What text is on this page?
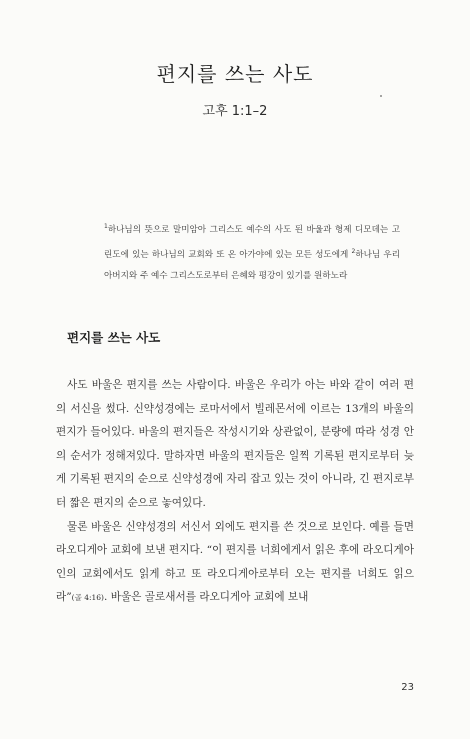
편지를 쓰는 사도
고후 1:1–2
$^1$하나님의 뜻으로 말미암아 그리스도 예수의 사도 된 바울과 형제 디모데는 고린도에 있는 하나님의 교회와 또 온 아가야에 있는 모든 성도에게 $^2$하나님 우리 아버지와 주 예수 그리스도로부터 은혜와 평강이 있기를 원하노라
편지를 쓰는 사도

사도 바울은 편지를 쓰는 사람이다. 바울은 우리가 아는 바와 같이 여러 편의 서신을 썼다. 신약성경에는 로마서에서 빌레몬서에 이르는 13개의 바울의 편지가 들어있다. 바울의 편지들은 작성시기와 상관없이, 분량에 따라 성경 안의 순서가 정해져있다. 말하자면 바울의 편지들은 일찍 기록된 편지로부터 늦게 기록된 편지의 순으로 신약성경에 자리 잡고 있는 것이 아니라, 긴 편지로부터 짧은 편지의 순으로 놓여있다.

물론 바울은 신약성경의 서신서 외에도 편지를 쓴 것으로 보인다. 예를 들면 라오디게아 교회에 보낸 편지다. “이 편지를 너희에게서 읽은 후에 라오디게아인의 교회에서도 읽게 하고 또 라오디게아로부터 오는 편지를 너희도 읽으라”(골 4:16). 바울은 골로새서를 라오디게아 교회에 보내

23
